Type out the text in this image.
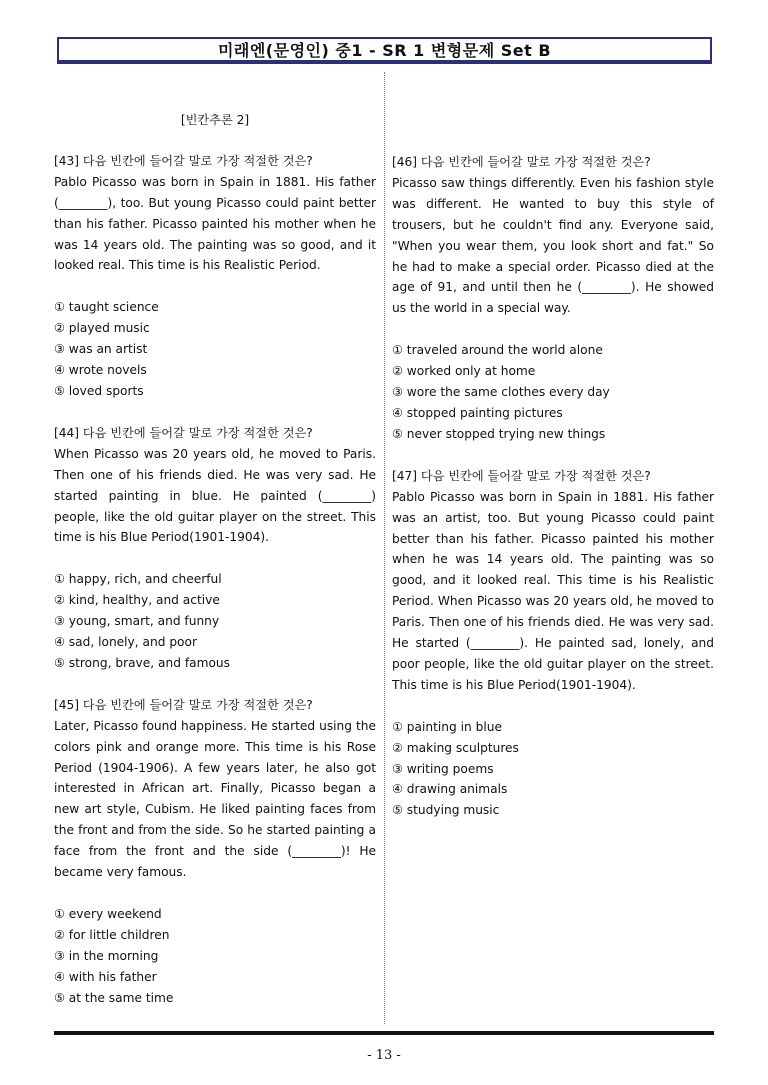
미래엔(문영인) 중1 - SR 1 변형문제 Set B

[빈칸추론 2]

[43] 다음 빈칸에 들어갈 말로 가장 적절한 것은?

Pablo Picasso was born in Spain in 1881. His father (________), too. But young Picasso could paint better than his father. Picasso painted his mother when he was 14 years old. The painting was so good, and it looked real. This time is his Realistic Period.

① taught science
② played music
③ was an artist
④ wrote novels
⑤ loved sports

[44] 다음 빈칸에 들어갈 말로 가장 적절한 것은?

When Picasso was 20 years old, he moved to Paris. Then one of his friends died. He was very sad. He started painting in blue. He painted (________) people, like the old guitar player on the street. This time is his Blue Period(1901-1904).

① happy, rich, and cheerful
② kind, healthy, and active
③ young, smart, and funny
④ sad, lonely, and poor
⑤ strong, brave, and famous

[45] 다음 빈칸에 들어갈 말로 가장 적절한 것은?

Later, Picasso found happiness. He started using the colors pink and orange more. This time is his Rose Period (1904-1906). A few years later, he also got interested in African art. Finally, Picasso began a new art style, Cubism. He liked painting faces from the front and from the side. So he started painting a face from the front and the side (________)! He became very famous.

① every weekend
② for little children
③ in the morning
④ with his father
⑤ at the same time

[46] 다음 빈칸에 들어갈 말로 가장 적절한 것은?

Picasso saw things differently. Even his fashion style was different. He wanted to buy this style of trousers, but he couldn't find any. Everyone said, "When you wear them, you look short and fat." So he had to make a special order. Picasso died at the age of 91, and until then he (________). He showed us the world in a special way.

① traveled around the world alone
② worked only at home
③ wore the same clothes every day
④ stopped painting pictures
⑤ never stopped trying new things

[47] 다음 빈칸에 들어갈 말로 가장 적절한 것은?

Pablo Picasso was born in Spain in 1881. His father was an artist, too. But young Picasso could paint better than his father. Picasso painted his mother when he was 14 years old. The painting was so good, and it looked real. This time is his Realistic Period. When Picasso was 20 years old, he moved to Paris. Then one of his friends died. He was very sad. He started (________). He painted sad, lonely, and poor people, like the old guitar player on the street. This time is his Blue Period(1901-1904).

① painting in blue
② making sculptures
③ writing poems
④ drawing animals
⑤ studying music
- 13 -
